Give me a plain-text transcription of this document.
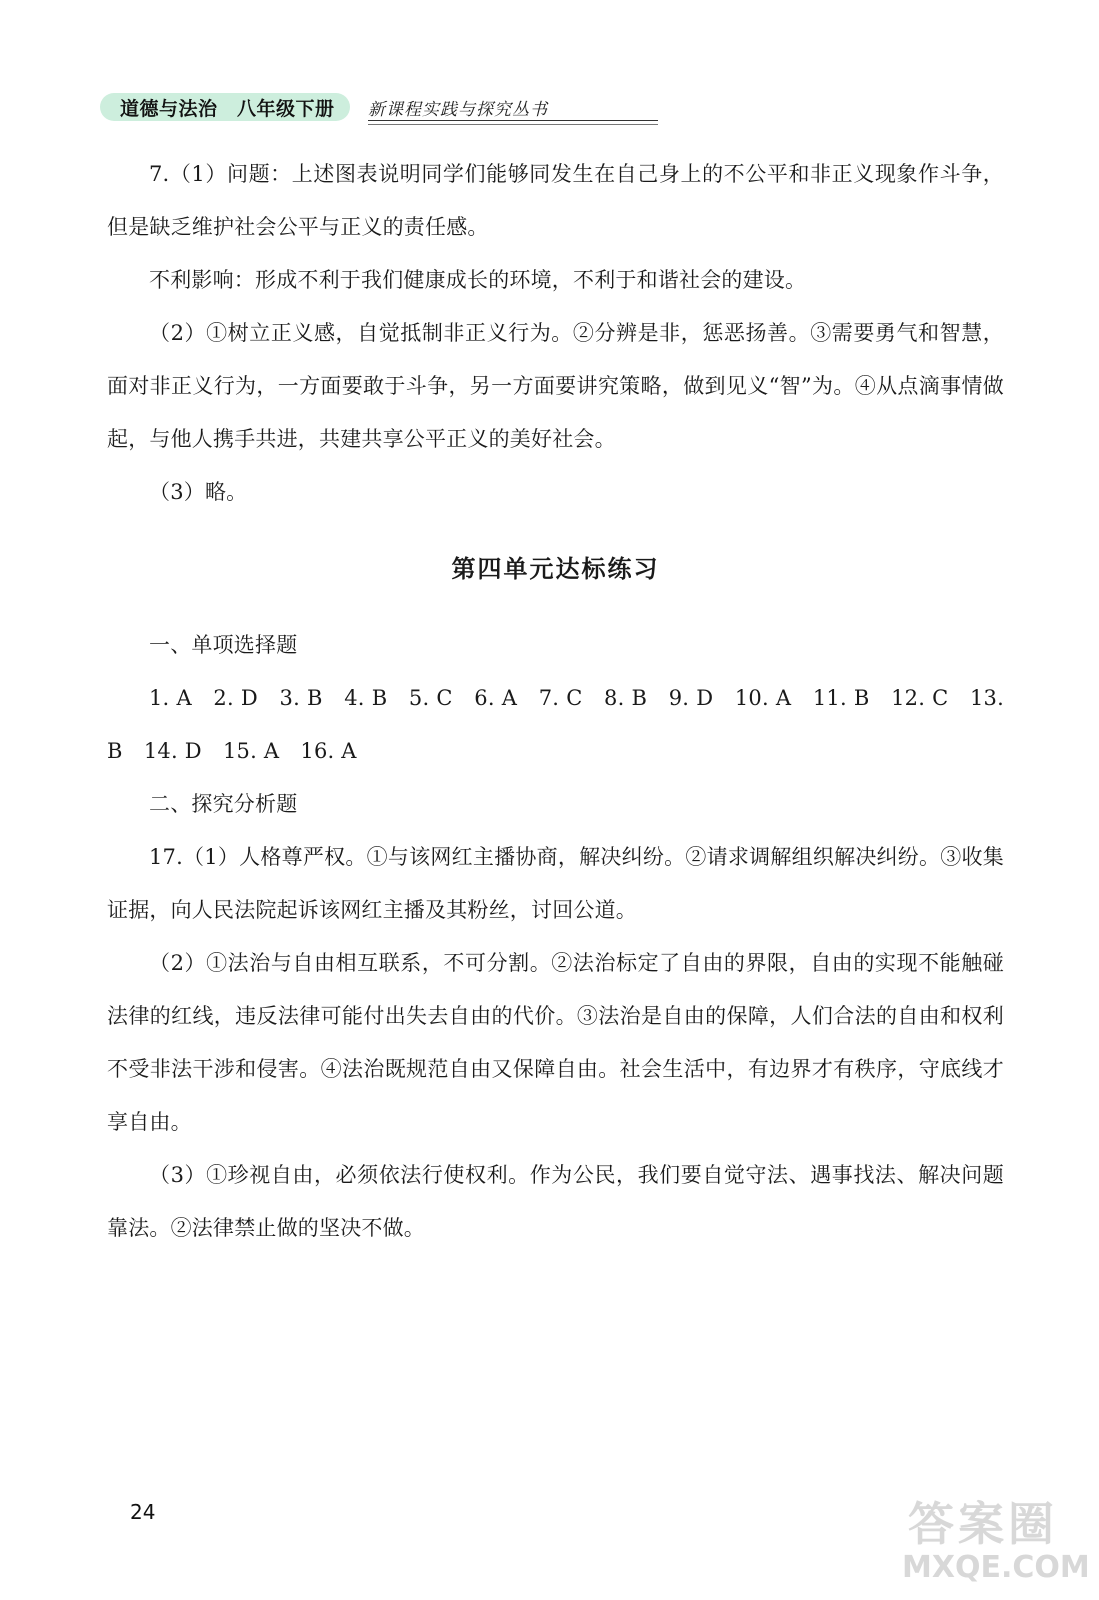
道德与法治　八年级下册 新课程实践与探究丛书

7.（1）问题：上述图表说明同学们能够同发生在自己身上的不公平和非正义现象作斗争，但是缺乏维护社会公平与正义的责任感。

不利影响：形成不利于我们健康成长的环境，不利于和谐社会的建设。

（2）①树立正义感，自觉抵制非正义行为。②分辨是非，惩恶扬善。③需要勇气和智慧，面对非正义行为，一方面要敢于斗争，另一方面要讲究策略，做到见义“智”为。④从点滴事情做起，与他人携手共进，共建共享公平正义的美好社会。

（3）略。

第四单元达标练习

一、单项选择题

1. A　2. D　3. B　4. B　5. C　6. A　7. C　8. B　9. D　10. A　11. B　12. C　13. B　14. D　15. A　16. A

二、探究分析题

17.（1）人格尊严权。①与该网红主播协商，解决纠纷。②请求调解组织解决纠纷。③收集证据，向人民法院起诉该网红主播及其粉丝，讨回公道。

（2）①法治与自由相互联系，不可分割。②法治标定了自由的界限，自由的实现不能触碰法律的红线，违反法律可能付出失去自由的代价。③法治是自由的保障，人们合法的自由和权利不受非法干涉和侵害。④法治既规范自由又保障自由。社会生活中，有边界才有秩序，守底线才享自由。

（3）①珍视自由，必须依法行使权利。作为公民，我们要自觉守法、遇事找法、解决问题靠法。②法律禁止做的坚决不做。

24	答案圈
MXQE.COM
